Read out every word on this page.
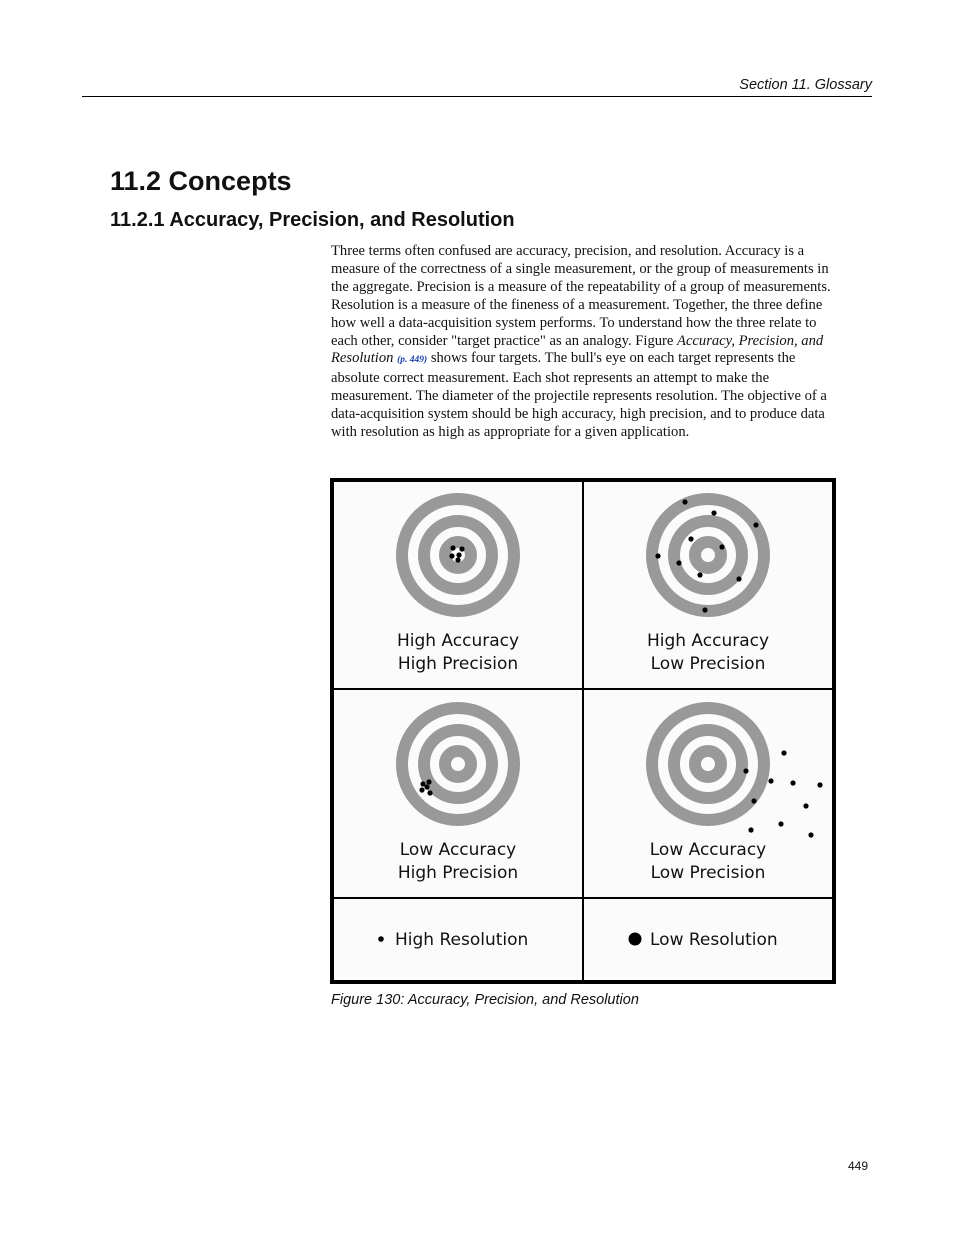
Section 11. Glossary
11.2 Concepts
11.2.1 Accuracy, Precision, and Resolution

Three terms often confused are accuracy, precision, and resolution. Accuracy is a measure of the correctness of a single measurement, or the group of measurements in the aggregate. Precision is a measure of the repeatability of a group of measurements. Resolution is a measure of the fineness of a measurement. Together, the three define how well a data-acquisition system performs. To understand how the three relate to each other, consider "target practice" as an analogy. Figure Accuracy, Precision, and Resolution (p. 449) shows four targets. The bull's eye on each target represents the absolute correct measurement. Each shot represents an attempt to make the measurement. The diameter of the projectile represents resolution. The objective of a data-acquisition system should be high accuracy, high precision, and to produce data with resolution as high as appropriate for a given application.

High Accuracy
High Precision
High Accuracy
Low Precision
Low Accuracy
High Precision
Low Accuracy
Low Precision
High Resolution	Low Resolution
Figure 130: Accuracy, Precision, and Resolution
449
